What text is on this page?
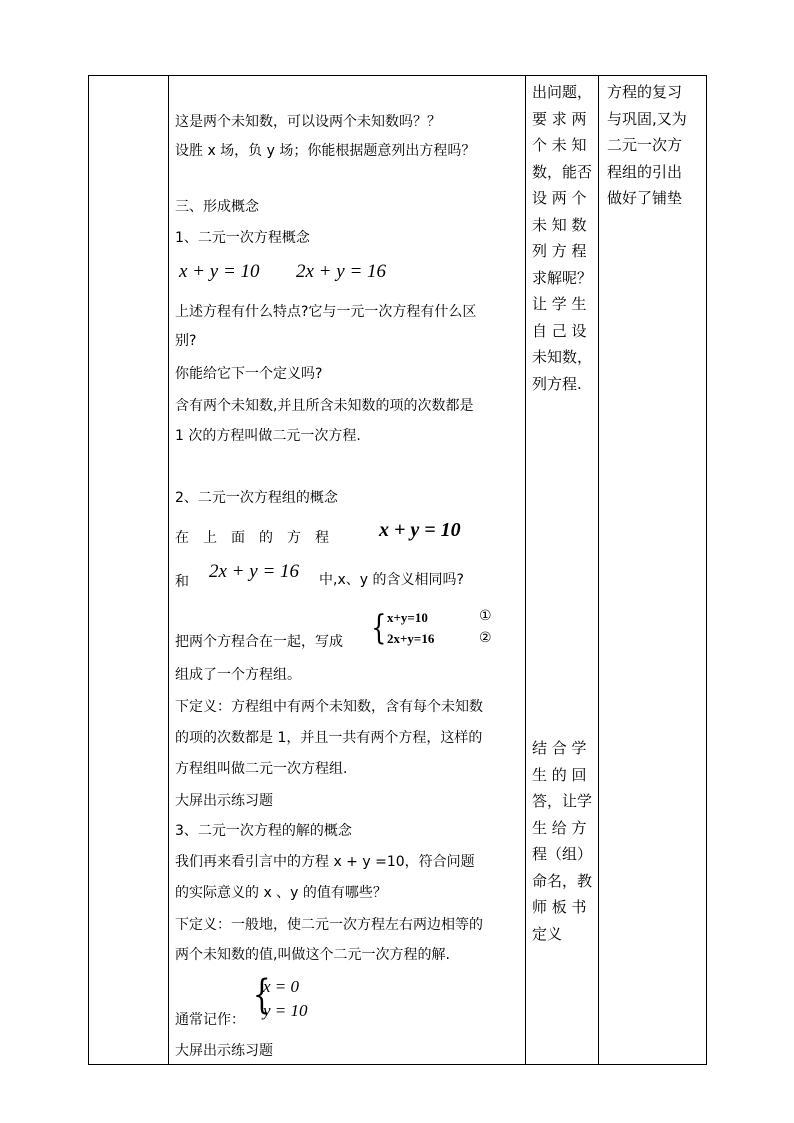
这是两个未知数，可以设两个未知数吗？？
设胜 x 场，负 y 场；你能根据题意列出方程吗？
三、形成概念
1、二元一次方程概念
x + y = 10 2x + y = 16
上述方程有什么特点?它与一元一次方程有什么区
别?
你能给它下一个定义吗?
含有两个未知数,并且所含未知数的项的次数都是
1 次的方程叫做二元一次方程.
2、二元一次方程组的概念
在　上　面　的　方　程	x + y = 10
和 2x + y = 16 中,x、y 的含义相同吗?
把两个方程合在一起，写成 { x+y=10
2x+y=16
①
②
组成了一个方程组。
下定义：方程组中有两个未知数，含有每个未知数
的项的次数都是 1，并且一共有两个方程，这样的
方程组叫做二元一次方程组.
大屏出示练习题
3、二元一次方程的解的概念
我们再来看引言中的方程 x + y =10，符合问题
的实际意义的 x 、y 的值有哪些？
下定义：一般地，使二元一次方程左右两边相等的
两个未知数的值,叫做这个二元一次方程的解.
{
x = 0
y = 10
通常记作：
大屏出示练习题
出问题，
要 求 两
个 未 知
数，能否
设 两 个
未 知 数
列 方 程
求解呢？
让 学 生
自 己 设
未知数，
列方程.
结 合 学
生 的 回
答，让学
生 给 方
程（组）
命名，教
师 板 书
定义
方程的复习
与巩固,又为
二元一次方
程组的引出
做好了铺垫
